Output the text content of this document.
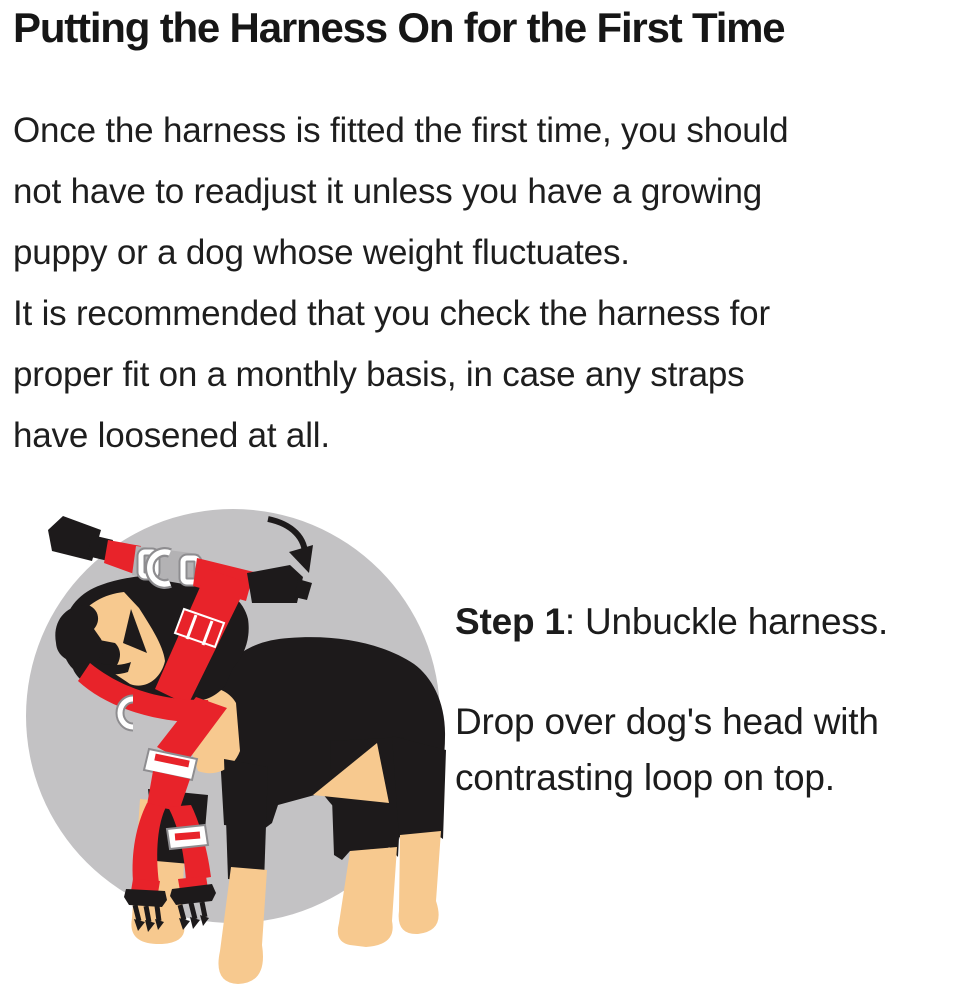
Putting the Harness On for the First Time
Once the harness is fitted the first time, you should
not have to readjust it unless you have a growing
puppy or a dog whose weight fluctuates.
It is recommended that you check the harness for
proper fit on a monthly basis, in case any straps
have loosened at all.
Step 1: Unbuckle harness.
Drop over dog's head with
contrasting loop on top.
